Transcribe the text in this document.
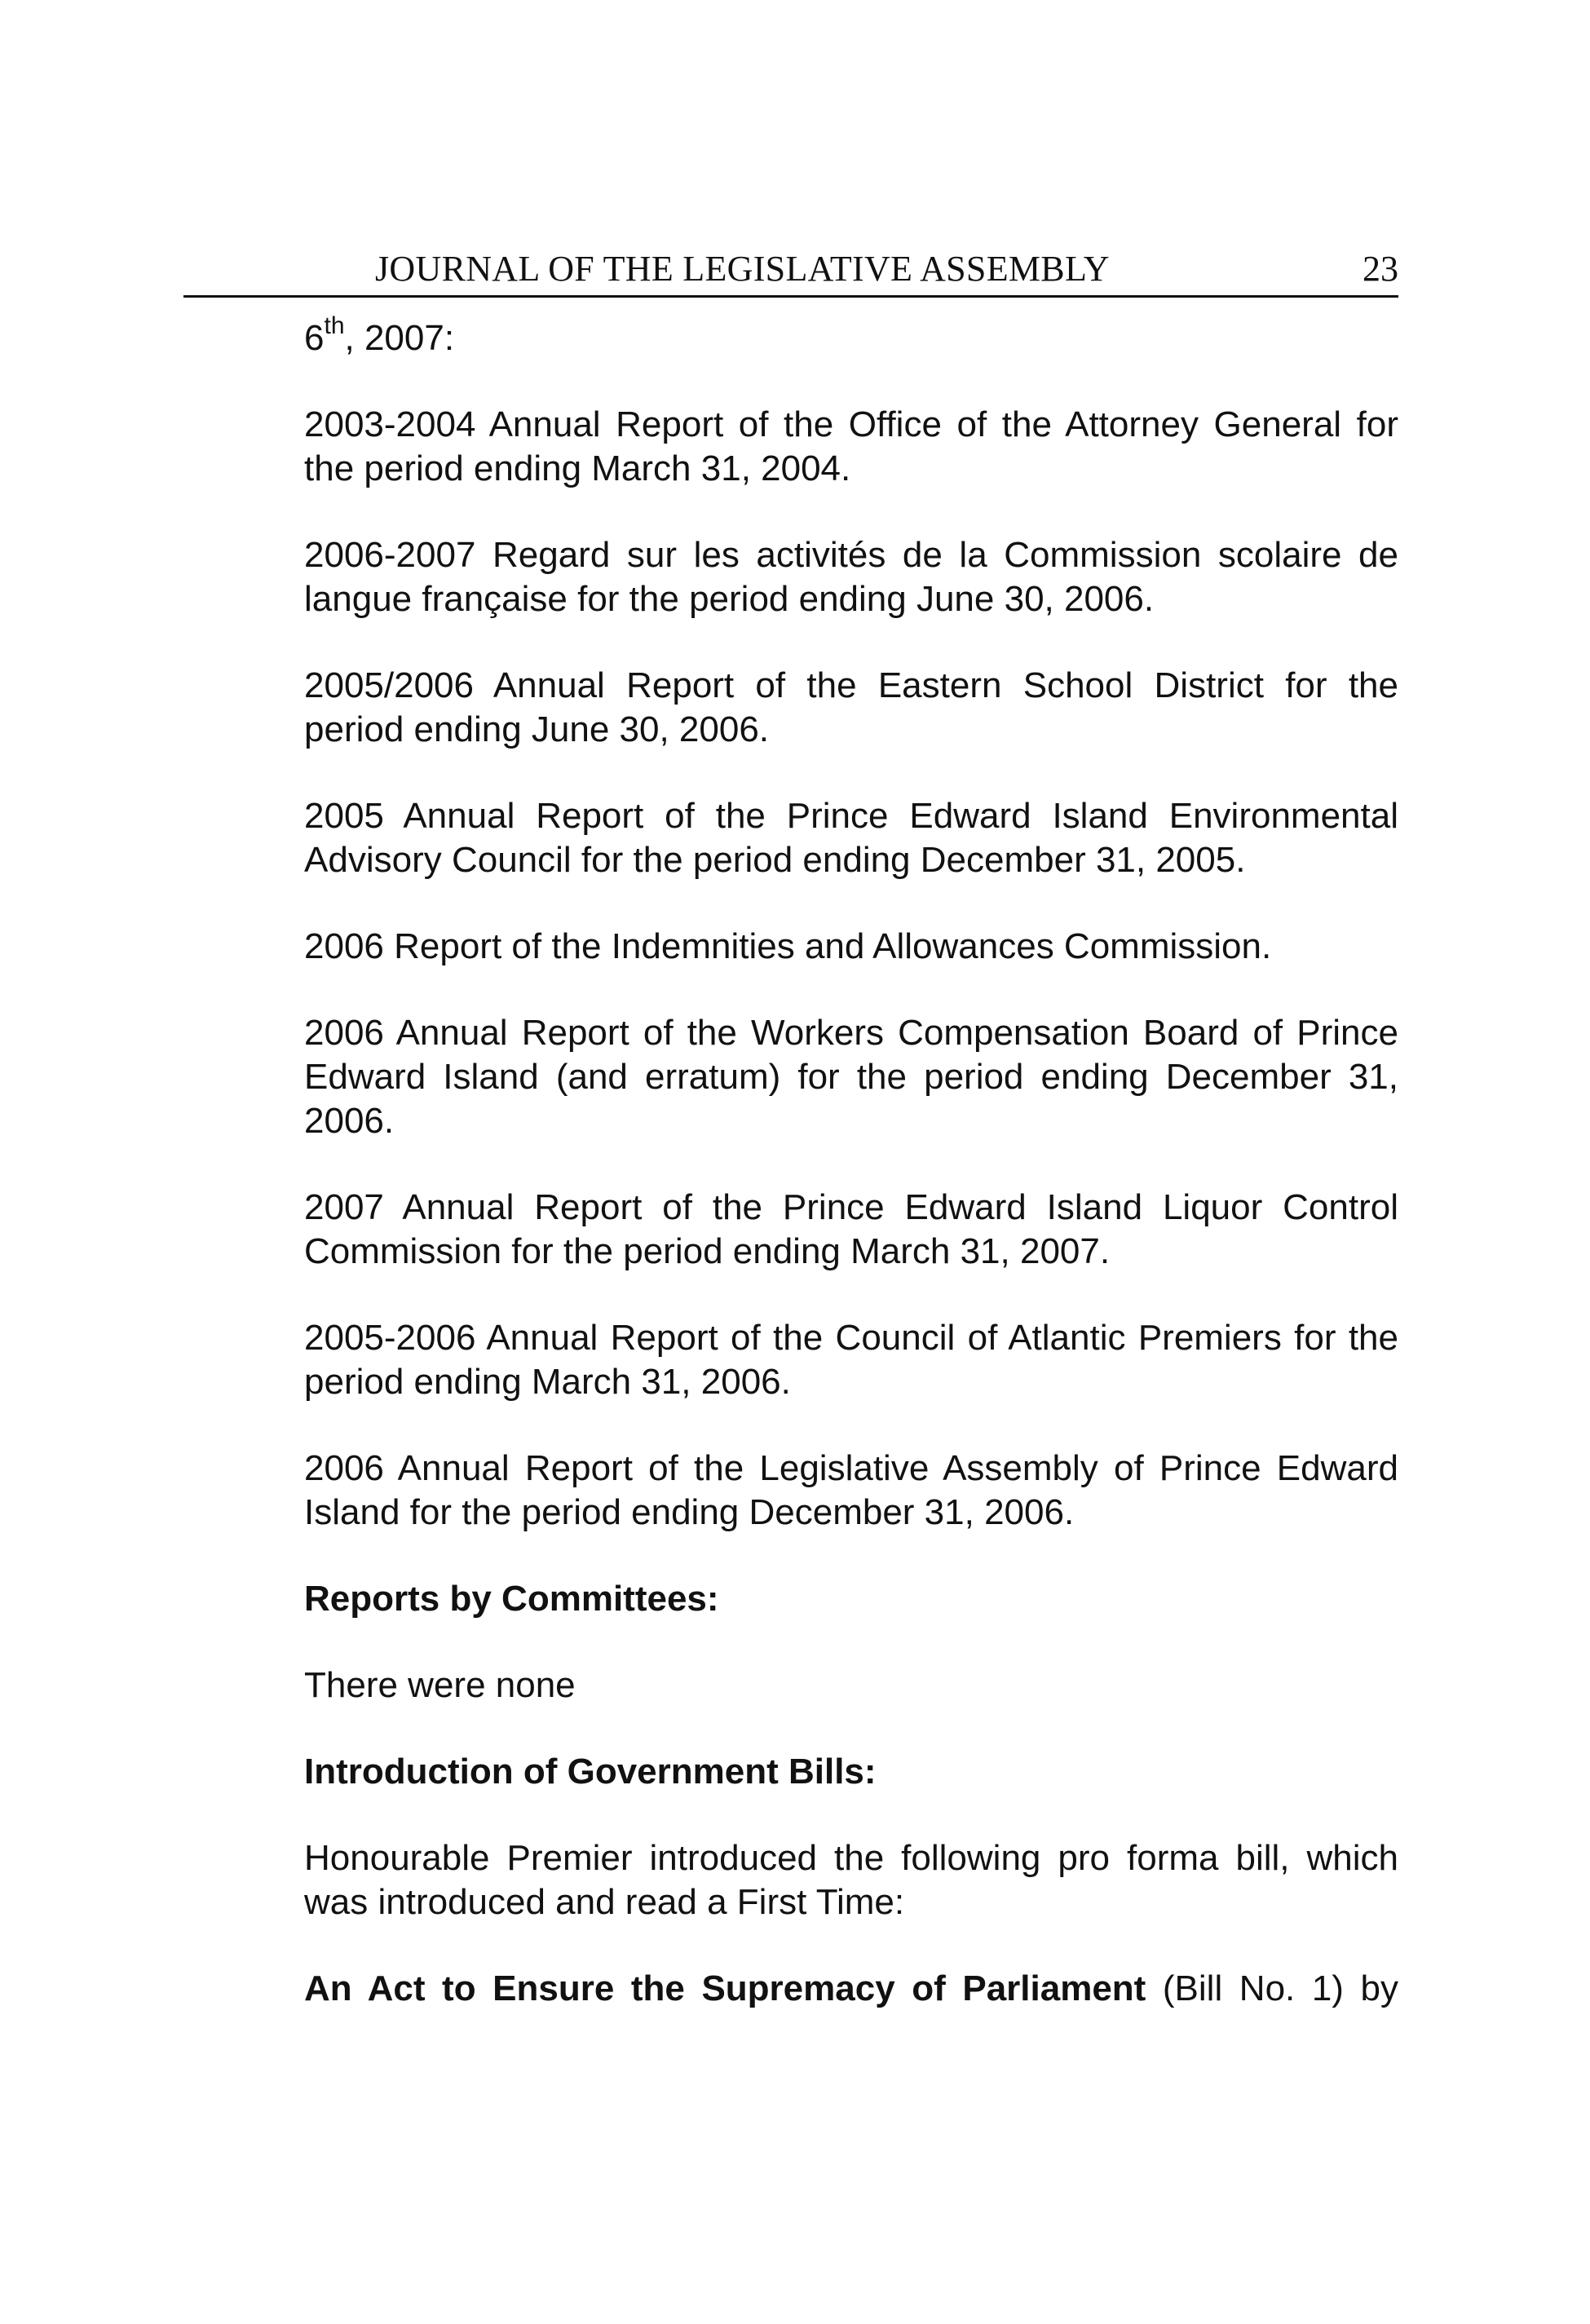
JOURNAL OF THE LEGISLATIVE ASSEMBLY	23

6th, 2007:

2003-2004 Annual Report of the Office of the Attorney General for the period ending March 31, 2004.

2006-2007 Regard sur les activités de la Commission scolaire de langue française for the period ending June 30, 2006.

2005/2006 Annual Report of the Eastern School District for the period ending June 30, 2006.

2005 Annual Report of the Prince Edward Island Environmental Advisory Council for the period ending December 31, 2005.

2006 Report of the Indemnities and Allowances Commission.

2006 Annual Report of the Workers Compensation Board of Prince Edward Island (and erratum) for the period ending December 31, 2006.

2007 Annual Report of the Prince Edward Island Liquor Control Commission for the period ending March 31, 2007.

2005-2006 Annual Report of the Council of Atlantic Premiers for the period ending March 31, 2006.

2006 Annual Report of the Legislative Assembly of Prince Edward Island for the period ending December 31, 2006.

Reports by Committees:

There were none

Introduction of Government Bills:

Honourable Premier introduced the following pro forma bill, which was introduced and read a First Time:

An Act to Ensure the Supremacy of Parliament (Bill No. 1) by
